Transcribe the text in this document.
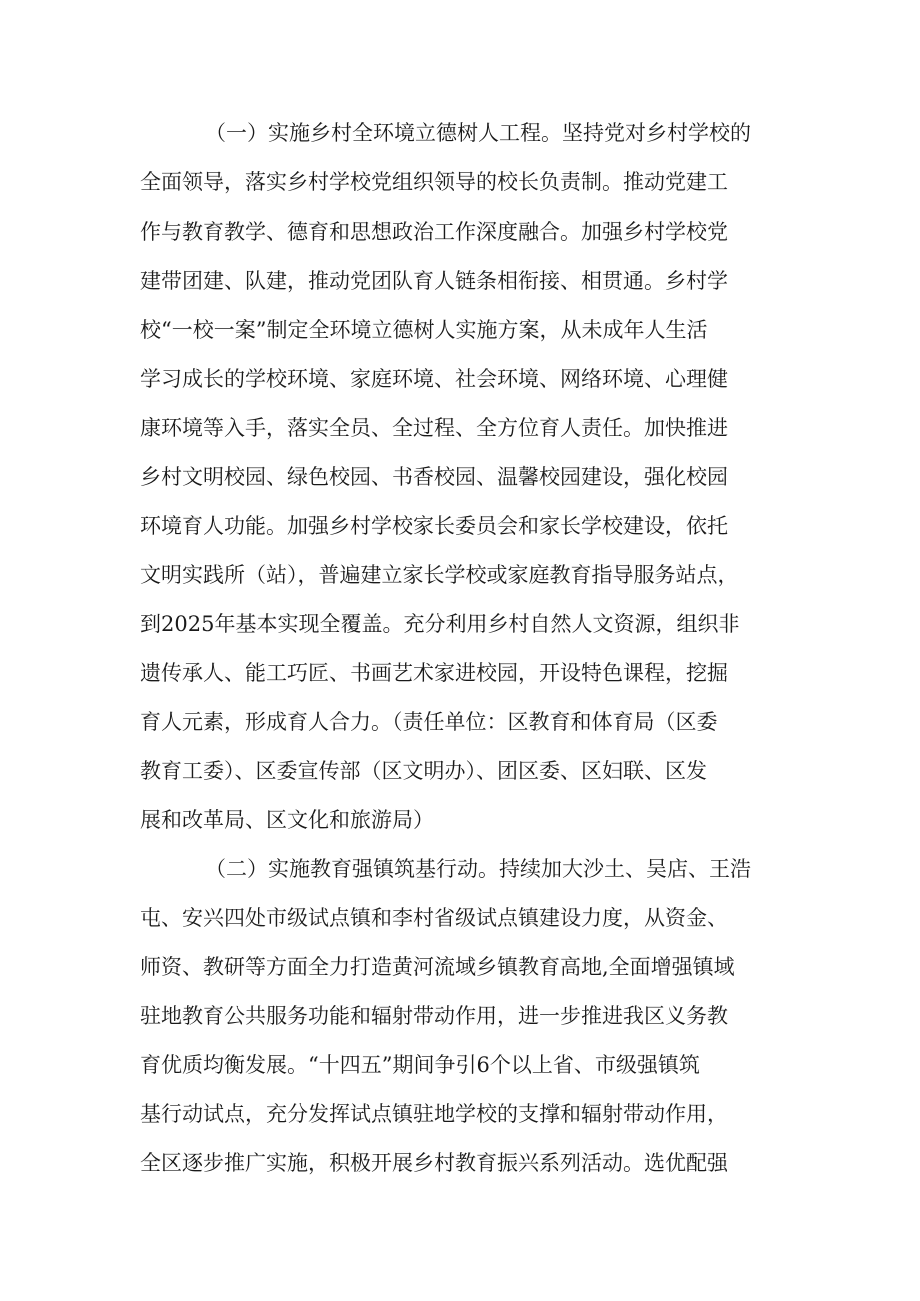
（一）实施乡村全环境立德树人工程。坚持党对乡村学校的
全面领导，落实乡村学校党组织领导的校长负责制。推动党建工
作与教育教学、德育和思想政治工作深度融合。加强乡村学校党
建带团建、队建，推动党团队育人链条相衔接、相贯通。乡村学
校“一校一案”制定全环境立德树人实施方案，从未成年人生活
学习成长的学校环境、家庭环境、社会环境、网络环境、心理健
康环境等入手，落实全员、全过程、全方位育人责任。加快推进
乡村文明校园、绿色校园、书香校园、温馨校园建设，强化校园
环境育人功能。加强乡村学校家长委员会和家长学校建设，依托
文明实践所（站），普遍建立家长学校或家庭教育指导服务站点，
到2025年基本实现全覆盖。充分利用乡村自然人文资源，组织非
遗传承人、能工巧匠、书画艺术家进校园，开设特色课程，挖掘
育人元素，形成育人合力。（责任单位：区教育和体育局（区委
教育工委）、区委宣传部（区文明办）、团区委、区妇联、区发
展和改革局、区文化和旅游局）
（二）实施教育强镇筑基行动。持续加大沙土、吴店、王浩
屯、安兴四处市级试点镇和李村省级试点镇建设力度，从资金、
师资、教研等方面全力打造黄河流域乡镇教育高地,全面增强镇域
驻地教育公共服务功能和辐射带动作用，进一步推进我区义务教
育优质均衡发展。“十四五”期间争引6个以上省、市级强镇筑
基行动试点，充分发挥试点镇驻地学校的支撑和辐射带动作用，
全区逐步推广实施，积极开展乡村教育振兴系列活动。选优配强
